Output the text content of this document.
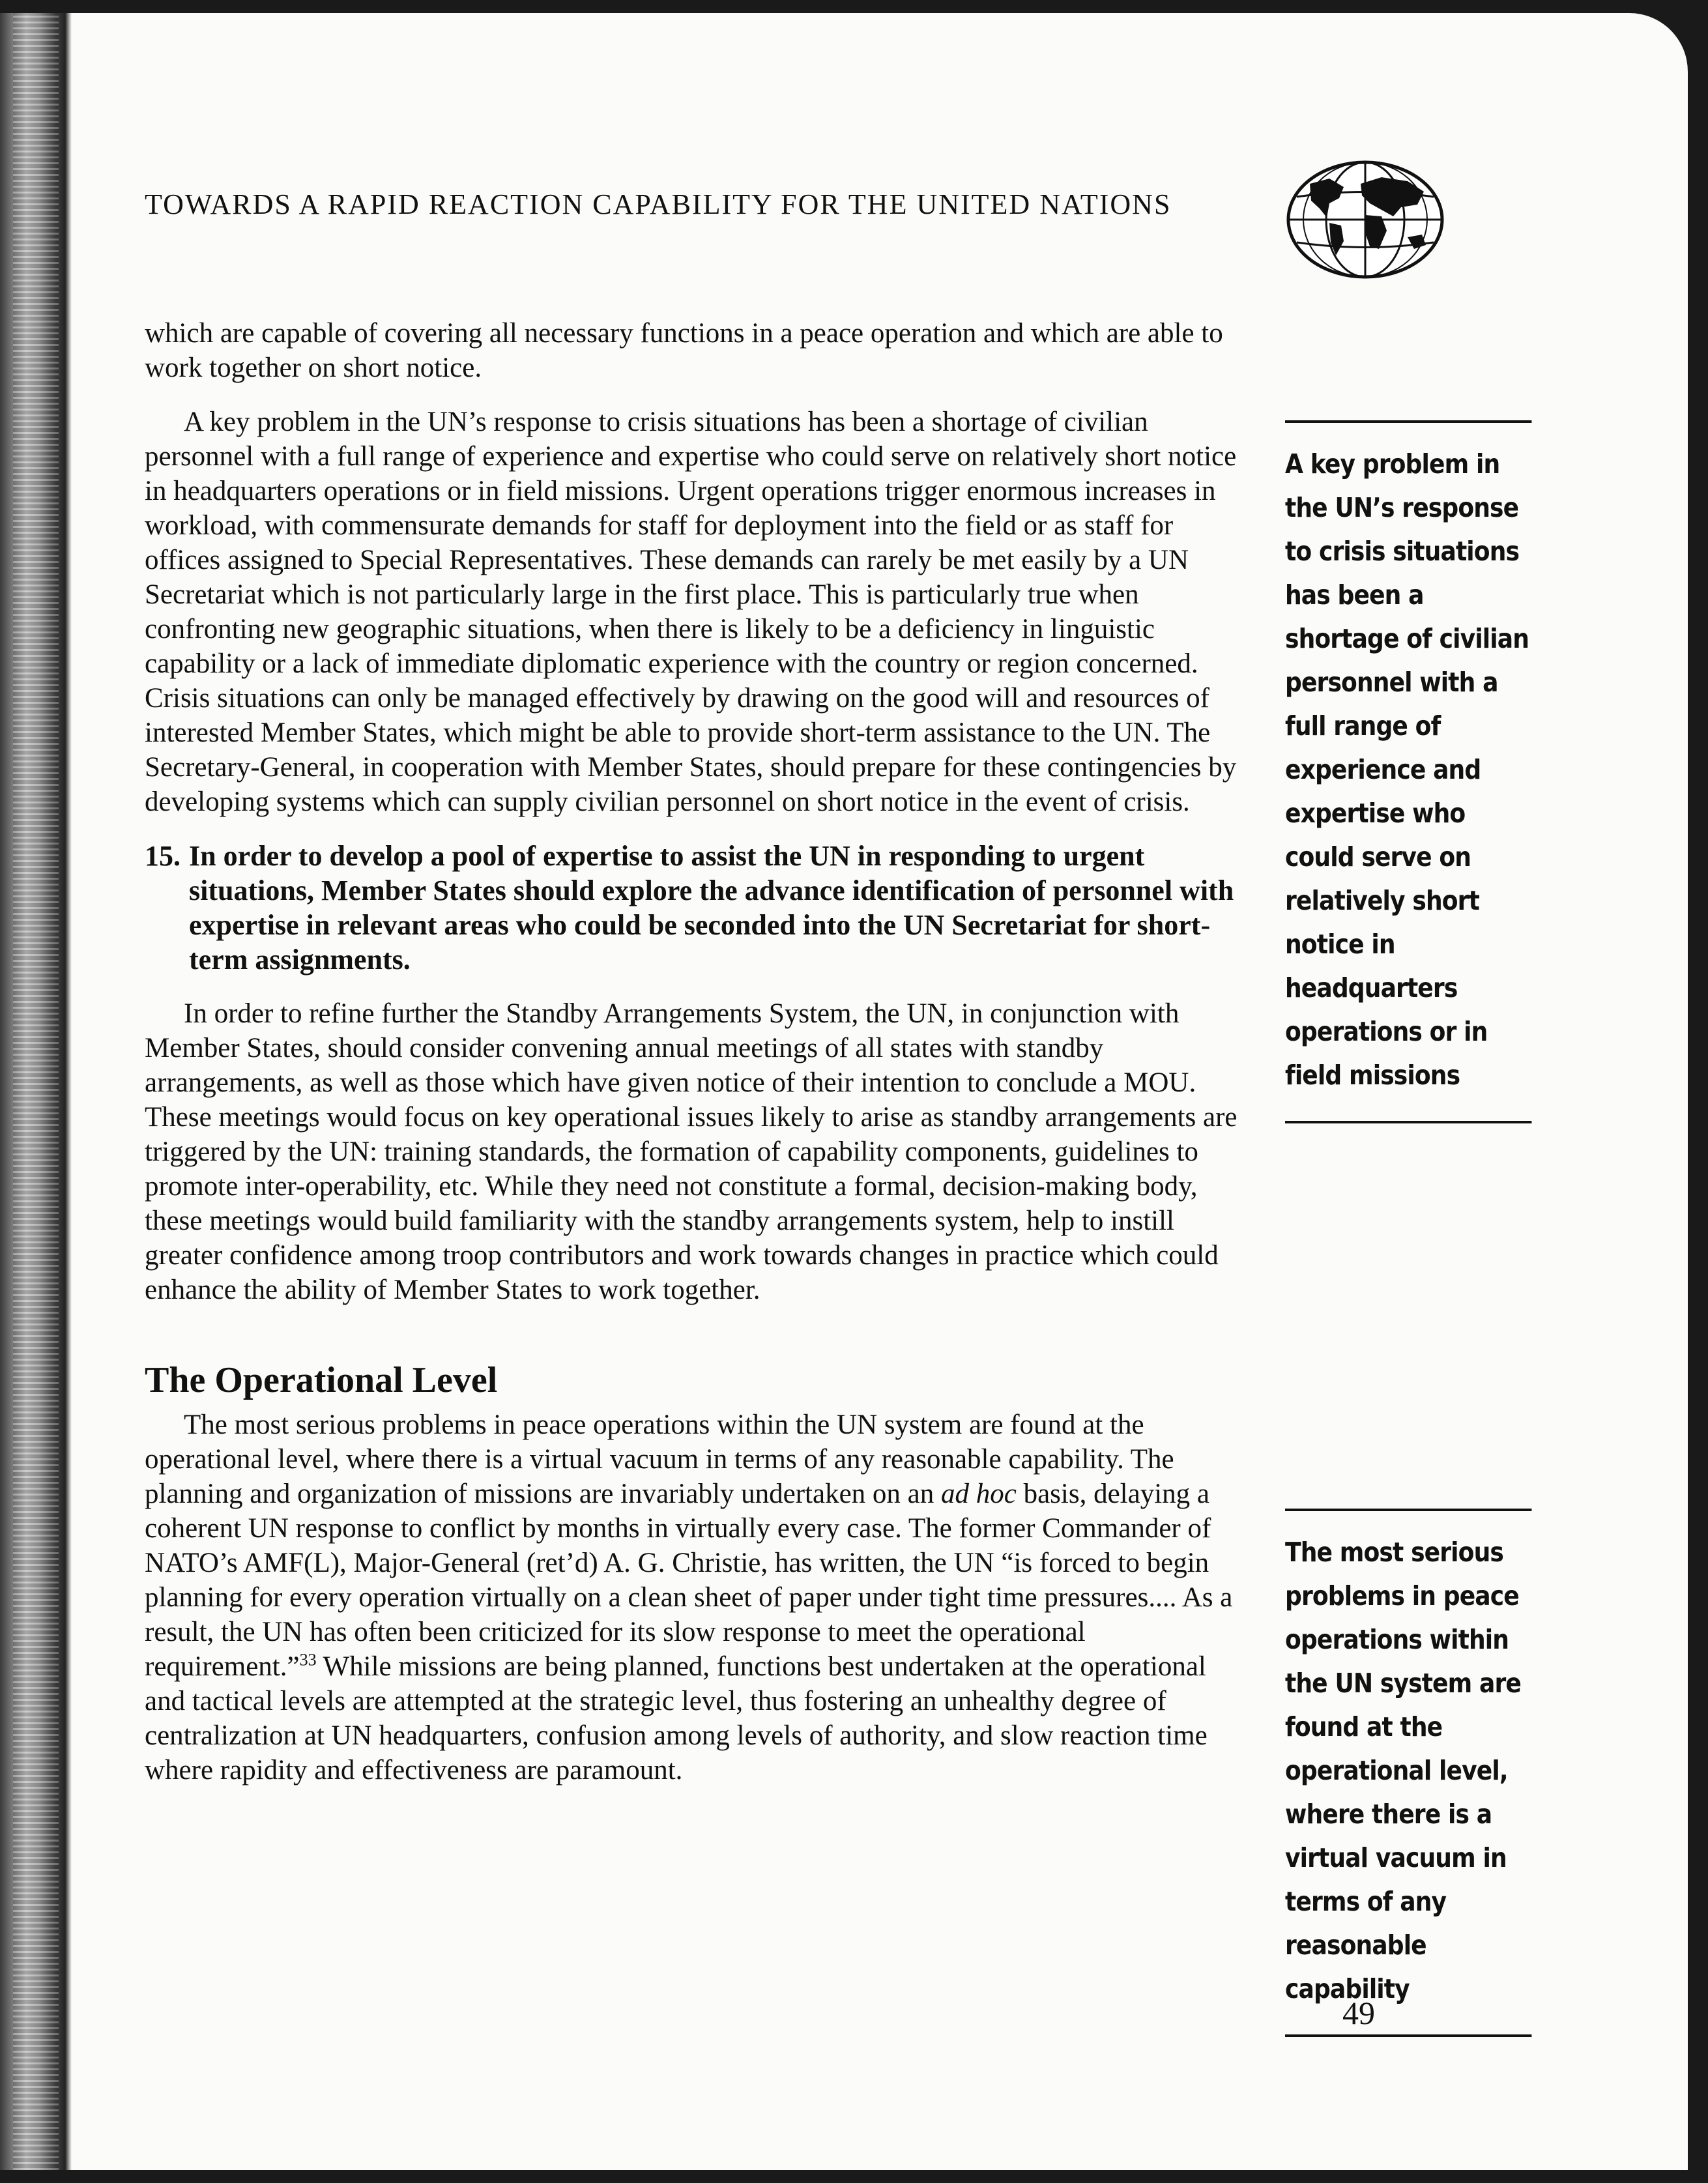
TOWARDS A RAPID REACTION CAPABILITY FOR THE UNITED NATIONS

which are capable of covering all necessary functions in a peace operation and which are able to work together on short notice.

A key problem in the UN’s response to crisis situations has been a shortage of civilian personnel with a full range of experience and expertise who could serve on relatively short notice in headquarters operations or in field missions. Urgent operations trigger enormous increases in workload, with commensurate demands for staff for deployment into the field or as staff for offices assigned to Special Representatives. These demands can rarely be met easily by a UN Secretariat which is not particularly large in the first place. This is particularly true when confronting new geographic situations, when there is likely to be a deficiency in linguistic capability or a lack of immediate diplomatic experience with the country or region concerned. Crisis situations can only be managed effectively by drawing on the good will and resources of interested Member States, which might be able to provide short-term assistance to the UN. The Secretary-General, in cooperation with Member States, should prepare for these contingencies by developing systems which can supply civilian personnel on short notice in the event of crisis.

15. In order to develop a pool of expertise to assist the UN in responding to urgent situations, Member States should explore the advance identification of personnel with expertise in relevant areas who could be seconded into the UN Secretariat for short-term assignments.

In order to refine further the Standby Arrangements System, the UN, in conjunction with Member States, should consider convening annual meetings of all states with standby arrangements, as well as those which have given notice of their intention to conclude a MOU. These meetings would focus on key operational issues likely to arise as standby arrangements are triggered by the UN: training standards, the formation of capability components, guidelines to promote inter-operability, etc. While they need not constitute a formal, decision-making body, these meetings would build familiarity with the standby arrangements system, help to instill greater confidence among troop contributors and work towards changes in practice which could enhance the ability of Member States to work together.

The Operational Level

The most serious problems in peace operations within the UN system are found at the operational level, where there is a virtual vacuum in terms of any reasonable capability. The planning and organization of missions are invariably undertaken on an ad hoc basis, delaying a coherent UN response to conflict by months in virtually every case. The former Commander of NATO’s AMF(L), Major-General (ret’d) A. G. Christie, has written, the UN “is forced to begin planning for every operation virtually on a clean sheet of paper under tight time pressures.... As a result, the UN has often been criticized for its slow response to meet the operational requirement.”$^{33}$ While missions are being planned, functions best undertaken at the operational and tactical levels are attempted at the strategic level, thus fostering an unhealthy degree of centralization at UN headquarters, confusion among levels of authority, and slow reaction time where rapidity and effectiveness are paramount.

A key problem in the UN’s response to crisis situations has been a shortage of civilian personnel with a full range of experience and expertise who could serve on relatively short notice in headquarters operations or in field missions
The most serious problems in peace operations within the UN system are found at the operational level, where there is a virtual vacuum in terms of any reasonable capability
49
